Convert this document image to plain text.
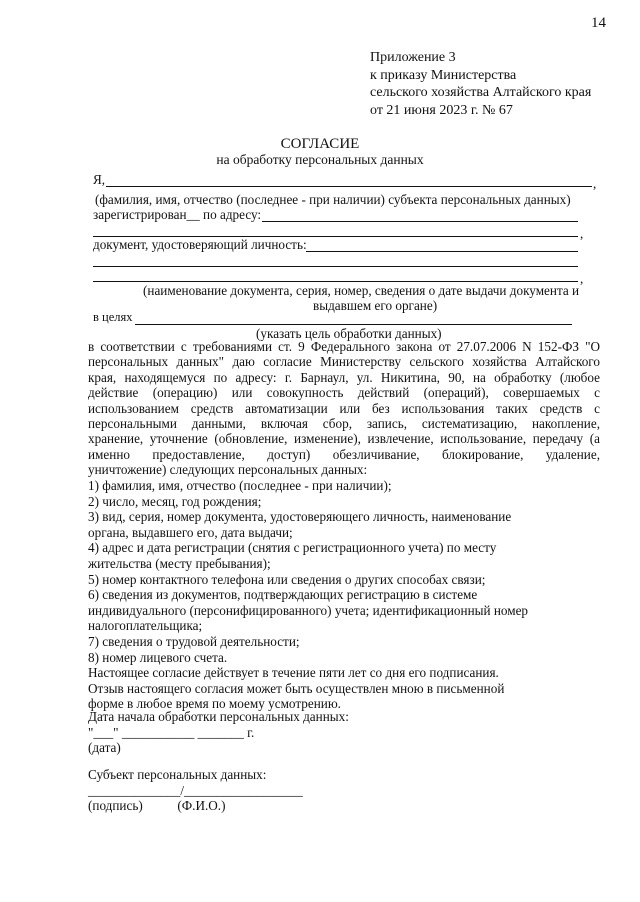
14
Приложение 3
к приказу Министерства
сельского хозяйства Алтайского края
от 21 июня 2023 г. № 67
СОГЛАСИЕ
на обработку персональных данных
Я,	,
(фамилия, имя, отчество (последнее - при наличии) субъекта персональных данных)
зарегистрирован__ по адресу:
,
документ, удостоверяющий личность:
,
(наименование документа, серия, номер, сведения о дате выдачи документа и
выдавшем его органе)
в целях
(указать цель обработки данных)
в соответствии с требованиями ст. 9 Федерального закона от 27.07.2006 N 152-ФЗ "О
персональных данных" даю согласие Министерству сельского хозяйства Алтайского
края, находящемуся по адресу: г. Барнаул, ул. Никитина, 90, на обработку (любое
действие (операцию) или совокупность действий (операций), совершаемых с
использованием средств автоматизации или без использования таких средств с
персональными данными, включая сбор, запись, систематизацию, накопление,
хранение, уточнение (обновление, изменение), извлечение, использование, передачу (а
именно предоставление, доступ) обезличивание, блокирование, удаление,
уничтожение) следующих персональных данных:
1) фамилия, имя, отчество (последнее - при наличии);
2) число, месяц, год рождения;
3) вид, серия, номер документа, удостоверяющего личность, наименование
органа, выдавшего его, дата выдачи;
4) адрес и дата регистрации (снятия с регистрационного учета) по месту
жительства (месту пребывания);
5) номер контактного телефона или сведения о других способах связи;
6) сведения из документов, подтверждающих регистрацию в системе
индивидуального (персонифицированного) учета; идентификационный номер
налогоплательщика;
7) сведения о трудовой деятельности;
8) номер лицевого счета.
Настоящее согласие действует в течение пяти лет со дня его подписания.
Отзыв настоящего согласия может быть осуществлен мною в письменной
форме в любое время по моему усмотрению.
Дата начала обработки персональных данных:
"___" ___________ _______ г.
(дата)
Субъект персональных данных:
______________/__________________
(подпись)	(Ф.И.О.)
